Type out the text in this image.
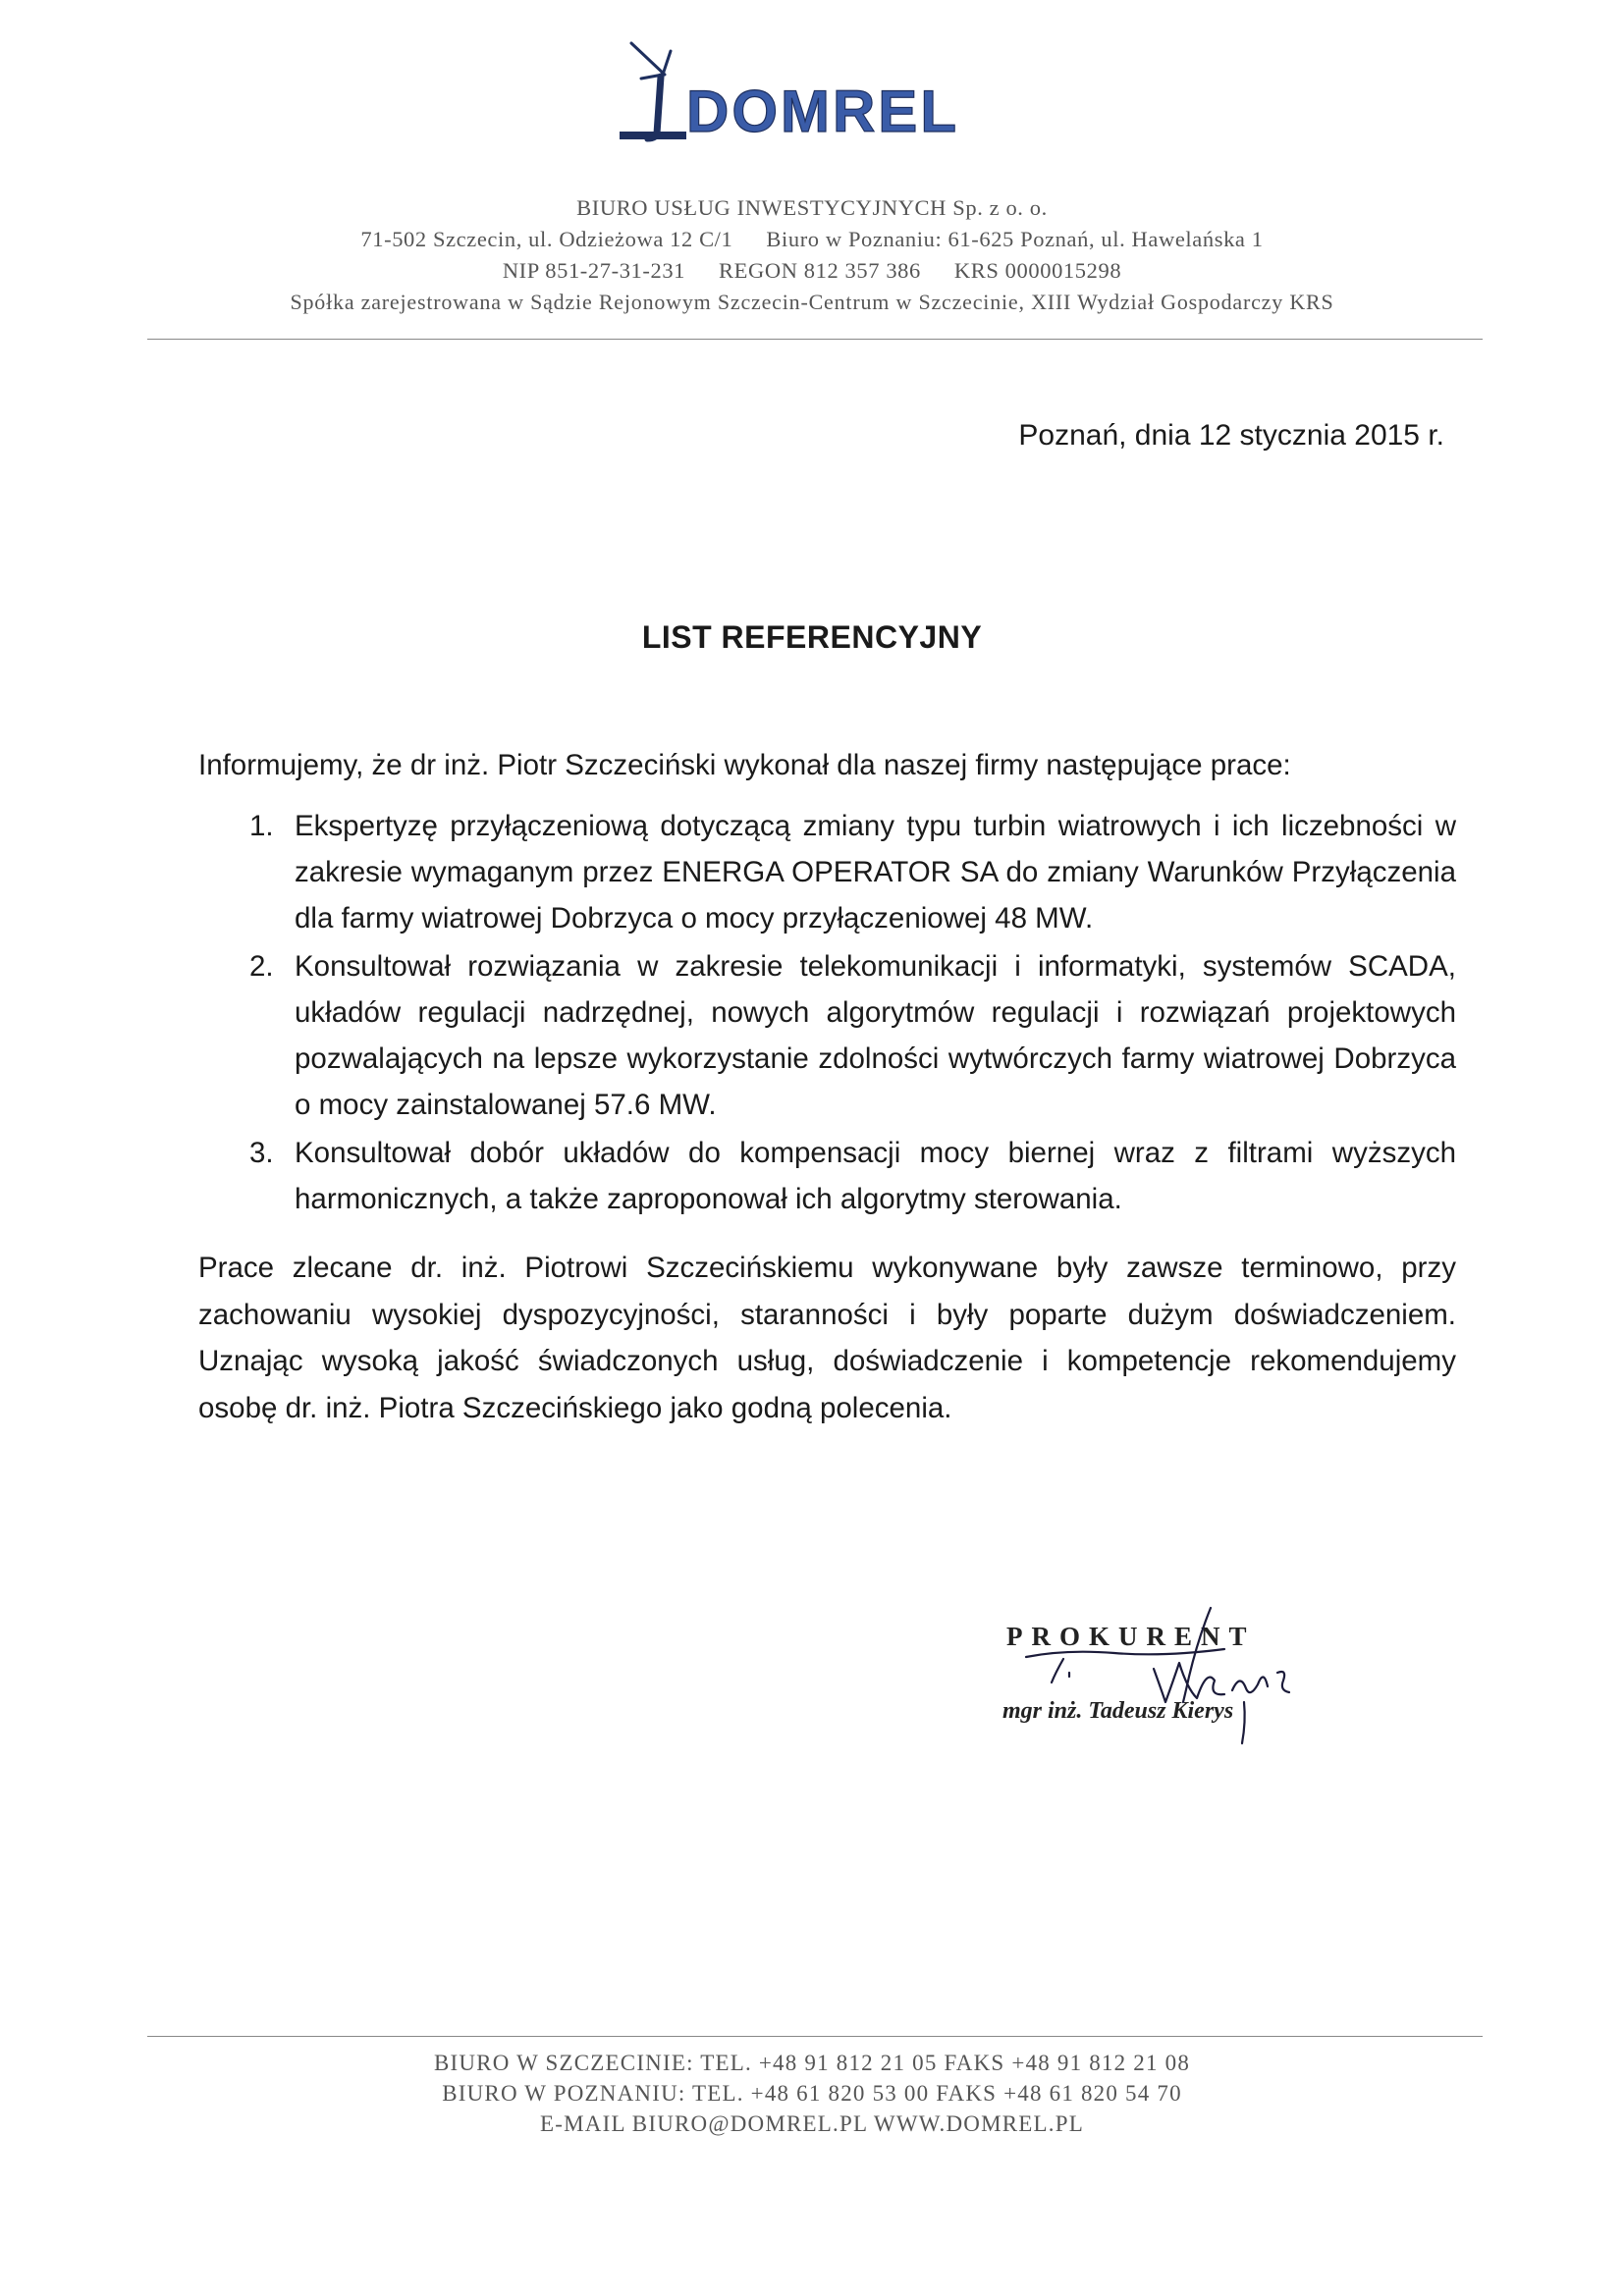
DOMREL
BIURO USŁUG INWESTYCYJNYCH Sp. z o. o.
71-502 Szczecin, ul. Odzieżowa 12 C/1 Biuro w Poznaniu: 61-625 Poznań, ul. Hawelańska 1
NIP 851-27-31-231 REGON 812 357 386 KRS 0000015298
Spółka zarejestrowana w Sądzie Rejonowym Szczecin-Centrum w Szczecinie, XIII Wydział Gospodarczy KRS
Poznań, dnia 12 stycznia 2015 r.
LIST REFERENCYJNY
Informujemy, że dr inż. Piotr Szczeciński wykonał dla naszej firmy następujące prace:
1. Ekspertyzę przyłączeniową dotyczącą zmiany typu turbin wiatrowych i ich liczebności w zakresie wymaganym przez ENERGA OPERATOR SA do zmiany Warunków Przyłączenia dla farmy wiatrowej Dobrzyca o mocy przyłączeniowej 48 MW.
2. Konsultował rozwiązania w zakresie telekomunikacji i informatyki, systemów SCADA, układów regulacji nadrzędnej, nowych algorytmów regulacji i rozwiązań projektowych pozwalających na lepsze wykorzystanie zdolności wytwórczych farmy wiatrowej Dobrzyca o mocy zainstalowanej 57.6 MW.
3. Konsultował dobór układów do kompensacji mocy biernej wraz z filtrami wyższych harmonicznych, a także zaproponował ich algorytmy sterowania.
Prace zlecane dr. inż. Piotrowi Szczecińskiemu wykonywane były zawsze terminowo, przy zachowaniu wysokiej dyspozycyjności, staranności i były poparte dużym doświadczeniem. Uznając wysoką jakość świadczonych usług, doświadczenie i kompetencje rekomendujemy osobę dr. inż. Piotra Szczecińskiego jako godną polecenia.
PROKURENT
mgr inż. Tadeusz Kierys
BIURO W SZCZECINIE: TEL. +48 91 812 21 05 FAKS +48 91 812 21 08
BIURO W POZNANIU: TEL. +48 61 820 53 00 FAKS +48 61 820 54 70
E-MAIL BIURO@DOMREL.PL WWW.DOMREL.PL
